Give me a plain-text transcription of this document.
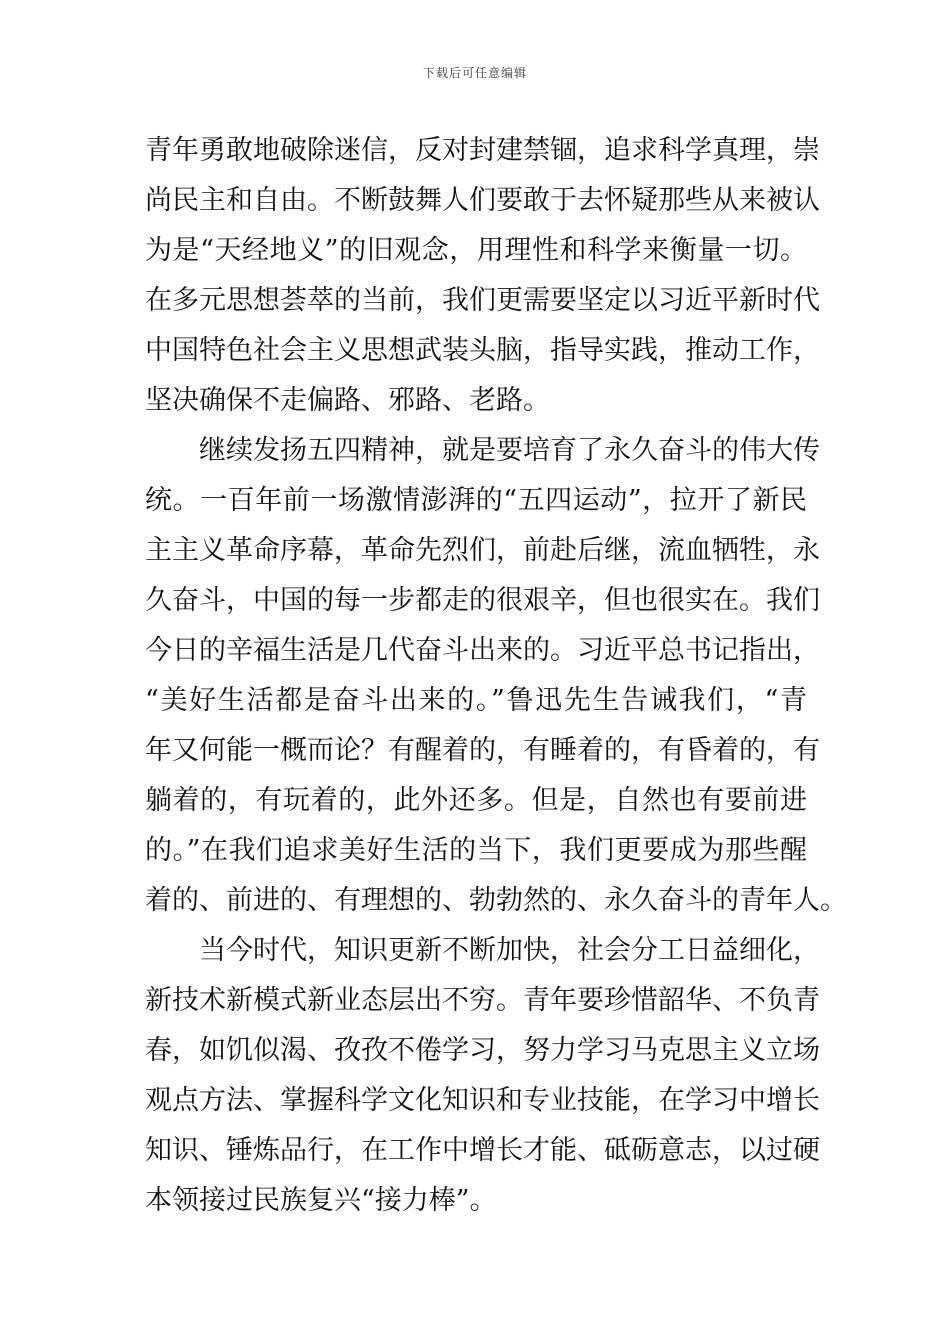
下载后可任意编辑
青年勇敢地破除迷信，反对封建禁锢，追求科学真理，崇
尚民主和自由。不断鼓舞人们要敢于去怀疑那些从来被认
为是“天经地义”的旧观念，用理性和科学来衡量一切。
在多元思想荟萃的当前，我们更需要坚定以习近平新时代
中国特色社会主义思想武装头脑，指导实践，推动工作，
坚决确保不走偏路、邪路、老路。
继续发扬五四精神，就是要培育了永久奋斗的伟大传
统。一百年前一场激情澎湃的“五四运动”，拉开了新民
主主义革命序幕，革命先烈们，前赴后继，流血牺牲，永
久奋斗，中国的每一步都走的很艰辛，但也很实在。我们
今日的辛福生活是几代奋斗出来的。习近平总书记指出，
“美好生活都是奋斗出来的。”鲁迅先生告诫我们，“青
年又何能一概而论？有醒着的，有睡着的，有昏着的，有
躺着的，有玩着的，此外还多。但是，自然也有要前进
的。”在我们追求美好生活的当下，我们更要成为那些醒
着的、前进的、有理想的、勃勃然的、永久奋斗的青年人。
当今时代，知识更新不断加快，社会分工日益细化，
新技术新模式新业态层出不穷。青年要珍惜韶华、不负青
春，如饥似渴、孜孜不倦学习，努力学习马克思主义立场
观点方法、掌握科学文化知识和专业技能，在学习中增长
知识、锤炼品行，在工作中增长才能、砥砺意志，以过硬
本领接过民族复兴“接力棒”。
